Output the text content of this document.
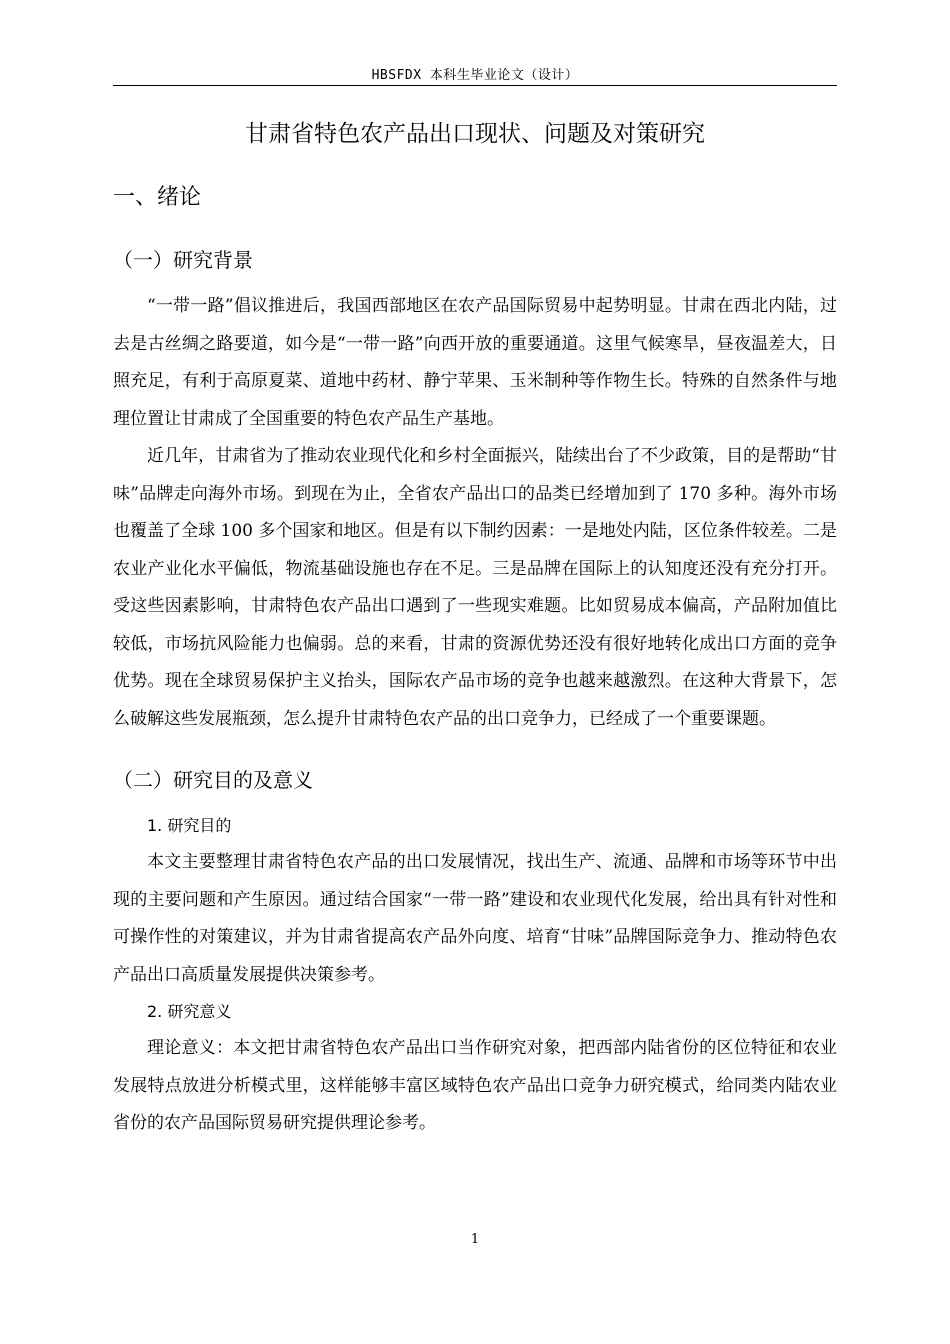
HBSFDX 本科生毕业论文（设计）
甘肃省特色农产品出口现状、问题及对策研究
一、绪论
（一）研究背景

“一带一路”倡议推进后，我国西部地区在农产品国际贸易中起势明显。甘肃在西北内陆，过去是古丝绸之路要道，如今是“一带一路”向西开放的重要通道。这里气候寒旱，昼夜温差大，日照充足，有利于高原夏菜、道地中药材、静宁苹果、玉米制种等作物生长。特殊的自然条件与地理位置让甘肃成了全国重要的特色农产品生产基地。

近几年，甘肃省为了推动农业现代化和乡村全面振兴，陆续出台了不少政策，目的是帮助“甘味”品牌走向海外市场。到现在为止，全省农产品出口的品类已经增加到了 170 多种。海外市场也覆盖了全球 100 多个国家和地区。但是有以下制约因素：一是地处内陆，区位条件较差。二是农业产业化水平偏低，物流基础设施也存在不足。三是品牌在国际上的认知度还没有充分打开。受这些因素影响，甘肃特色农产品出口遇到了一些现实难题。比如贸易成本偏高，产品附加值比较低，市场抗风险能力也偏弱。总的来看，甘肃的资源优势还没有很好地转化成出口方面的竞争优势。现在全球贸易保护主义抬头，国际农产品市场的竞争也越来越激烈。在这种大背景下，怎么破解这些发展瓶颈，怎么提升甘肃特色农产品的出口竞争力，已经成了一个重要课题。

（二）研究目的及意义
1. 研究目的

本文主要整理甘肃省特色农产品的出口发展情况，找出生产、流通、品牌和市场等环节中出现的主要问题和产生原因。通过结合国家“一带一路”建设和农业现代化发展，给出具有针对性和可操作性的对策建议，并为甘肃省提高农产品外向度、培育“甘味”品牌国际竞争力、推动特色农产品出口高质量发展提供决策参考。

2. 研究意义

理论意义：本文把甘肃省特色农产品出口当作研究对象，把西部内陆省份的区位特征和农业发展特点放进分析模式里，这样能够丰富区域特色农产品出口竞争力研究模式，给同类内陆农业省份的农产品国际贸易研究提供理论参考。

1
